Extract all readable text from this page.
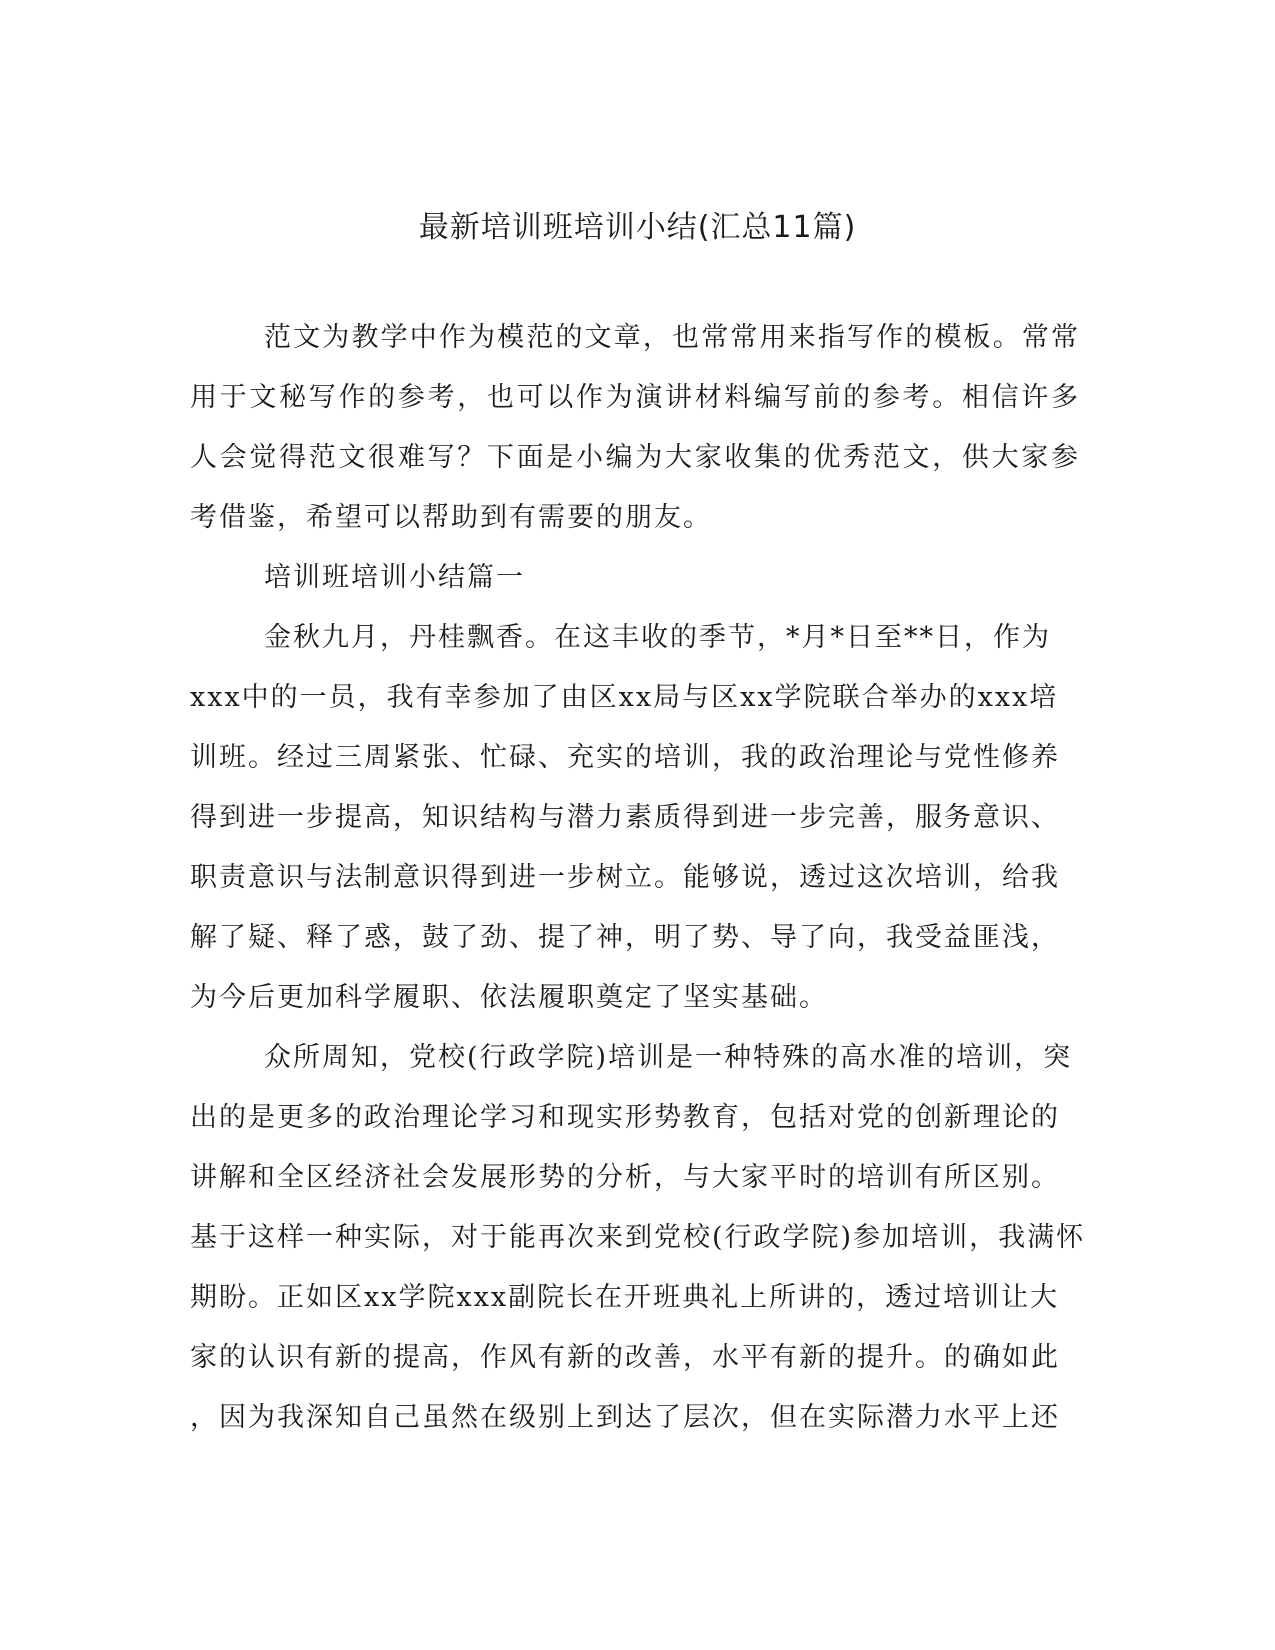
最新培训班培训小结(汇总11篇)
范文为教学中作为模范的文章，也常常用来指写作的模板。常常
用于文秘写作的参考，也可以作为演讲材料编写前的参考。相信许多
人会觉得范文很难写？下面是小编为大家收集的优秀范文，供大家参
考借鉴，希望可以帮助到有需要的朋友。
培训班培训小结篇一
金秋九月，丹桂飘香。在这丰收的季节，*月*日至**日，作为
xxx中的一员，我有幸参加了由区xx局与区xx学院联合举办的xxx培
训班。经过三周紧张、忙碌、充实的培训，我的政治理论与党性修养
得到进一步提高，知识结构与潜力素质得到进一步完善，服务意识、
职责意识与法制意识得到进一步树立。能够说，透过这次培训，给我
解了疑、释了惑，鼓了劲、提了神，明了势、导了向，我受益匪浅，
为今后更加科学履职、依法履职奠定了坚实基础。
众所周知，党校(行政学院)培训是一种特殊的高水准的培训，突
出的是更多的政治理论学习和现实形势教育，包括对党的创新理论的
讲解和全区经济社会发展形势的分析，与大家平时的培训有所区别。
基于这样一种实际，对于能再次来到党校(行政学院)参加培训，我满怀
期盼。正如区xx学院xxx副院长在开班典礼上所讲的，透过培训让大
家的认识有新的提高，作风有新的改善，水平有新的提升。的确如此
，因为我深知自己虽然在级别上到达了层次，但在实际潜力水平上还
